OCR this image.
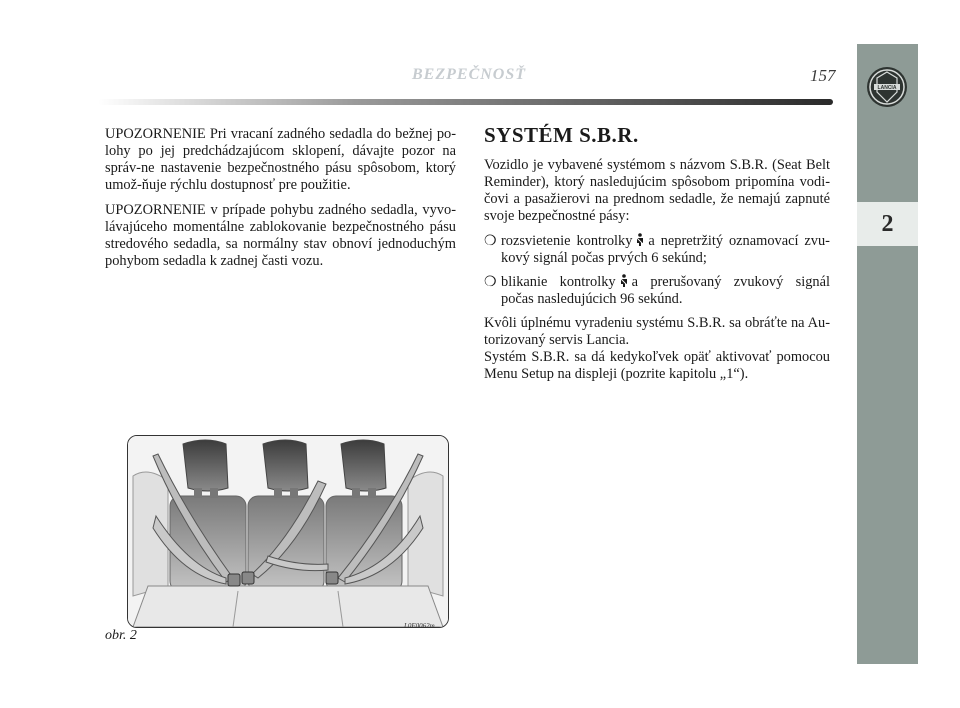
BEZPEČNOSŤ	157
LANCIA
2

UPOZORNENIE Pri vracaní zadného sedadla do bežnej po-lohy po jej predchádzajúcom sklopení, dávajte pozor na správ-ne nastavenie bezpečnostného pásu spôsobom, ktorý umož-ňuje rýchlu dostupnosť pre použitie.

UPOZORNENIE v prípade pohybu zadného sedadla, vyvo-lávajúceho momentálne zablokovanie bezpečnostného pásu stredového sedadla, sa normálny stav obnoví jednoduchým pohybom sedadla k zadnej časti vozu.

SYSTÉM S.B.R.

Vozidlo je vybavené systémom s názvom S.B.R. (Seat Belt Reminder), ktorý nasledujúcim spôsobom pripomína vodi-čovi a pasažierovi na prednom sedadle, že nemajú zapnuté svoje bezpečnostné pásy:

❍ rozsvietenie kontrolky a nepretržitý oznamovací zvu-kový signál počas prvých 6 sekúnd;
❍ blikanie kontrolky a prerušovaný zvukový signál počas nasledujúcich 96 sekúnd.

Kvôli úplnému vyradeniu systému S.B.R. sa obráťte na Au-torizovaný servis Lancia.

Systém S.B.R. sa dá kedykoľvek opäť aktivovať pomocou Menu Setup na displeji (pozrite kapitolu „1“).

obr. 2
L0E0062m
